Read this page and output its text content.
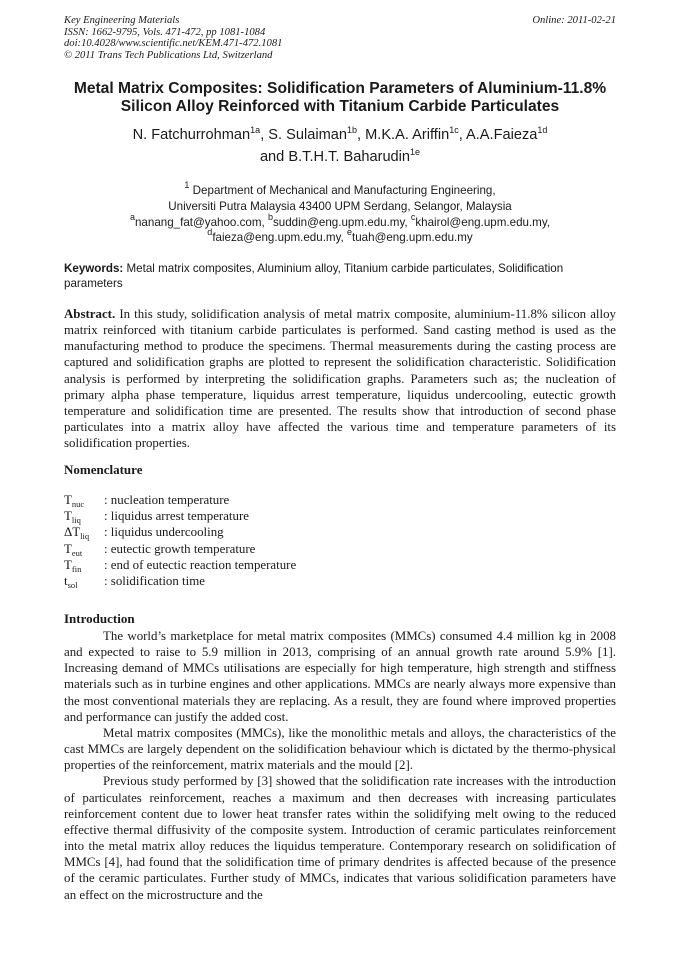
Key Engineering Materials
ISSN: 1662-9795, Vols. 471-472, pp 1081-1084
doi:10.4028/www.scientific.net/KEM.471-472.1081
© 2011 Trans Tech Publications Ltd, Switzerland
Online: 2011-02-21
Metal Matrix Composites: Solidification Parameters of Aluminium-11.8%
Silicon Alloy Reinforced with Titanium Carbide Particulates
N. Fatchurrohman$^{1a}$, S. Sulaiman$^{1b}$, M.K.A. Ariffin$^{1c}$, A.A.Faieza$^{1d}$
and B.T.H.T. Baharudin$^{1e}$
$^1$ Department of Mechanical and Manufacturing Engineering,
Universiti Putra Malaysia 43400 UPM Serdang, Selangor, Malaysia
$^a$nanang_fat@yahoo.com, $^b$suddin@eng.upm.edu.my, $^c$khairol@eng.upm.edu.my,
$^d$faieza@eng.upm.edu.my, $^e$tuah@eng.upm.edu.my
Keywords: Metal matrix composites, Aluminium alloy, Titanium carbide particulates, Solidification parameters
Abstract. In this study, solidification analysis of metal matrix composite, aluminium-11.8% silicon alloy matrix reinforced with titanium carbide particulates is performed. Sand casting method is used as the manufacturing method to produce the specimens. Thermal measurements during the casting process are captured and solidification graphs are plotted to represent the solidification characteristic. Solidification analysis is performed by interpreting the solidification graphs. Parameters such as; the nucleation of primary alpha phase temperature, liquidus arrest temperature, liquidus undercooling, eutectic growth temperature and solidification time are presented. The results show that introduction of second phase particulates into a matrix alloy have affected the various time and temperature parameters of its solidification properties.
Nomenclature
$T_{nuc}$ : nucleation temperature
$T_{liq}$ : liquidus arrest temperature
$\Delta T_{liq}$ : liquidus undercooling
$T_{eut}$ : eutectic growth temperature
$T_{fin}$ : end of eutectic reaction temperature
$t_{sol}$ : solidification time
Introduction

The world’s marketplace for metal matrix composites (MMCs) consumed 4.4 million kg in 2008 and expected to raise to 5.9 million in 2013, comprising of an annual growth rate around 5.9% [1]. Increasing demand of MMCs utilisations are especially for high temperature, high strength and stiffness materials such as in turbine engines and other applications. MMCs are nearly always more expensive than the most conventional materials they are replacing. As a result, they are found where improved properties and performance can justify the added cost.

Metal matrix composites (MMCs), like the monolithic metals and alloys, the characteristics of the cast MMCs are largely dependent on the solidification behaviour which is dictated by the thermo-physical properties of the reinforcement, matrix materials and the mould [2].

Previous study performed by [3] showed that the solidification rate increases with the introduction of particulates reinforcement, reaches a maximum and then decreases with increasing particulates reinforcement content due to lower heat transfer rates within the solidifying melt owing to the reduced effective thermal diffusivity of the composite system. Introduction of ceramic particulates reinforcement into the metal matrix alloy reduces the liquidus temperature. Contemporary research on solidification of MMCs [4], had found that the solidification time of primary dendrites is affected because of the presence of the ceramic particulates. Further study of MMCs, indicates that various solidification parameters have an effect on the microstructure and the
